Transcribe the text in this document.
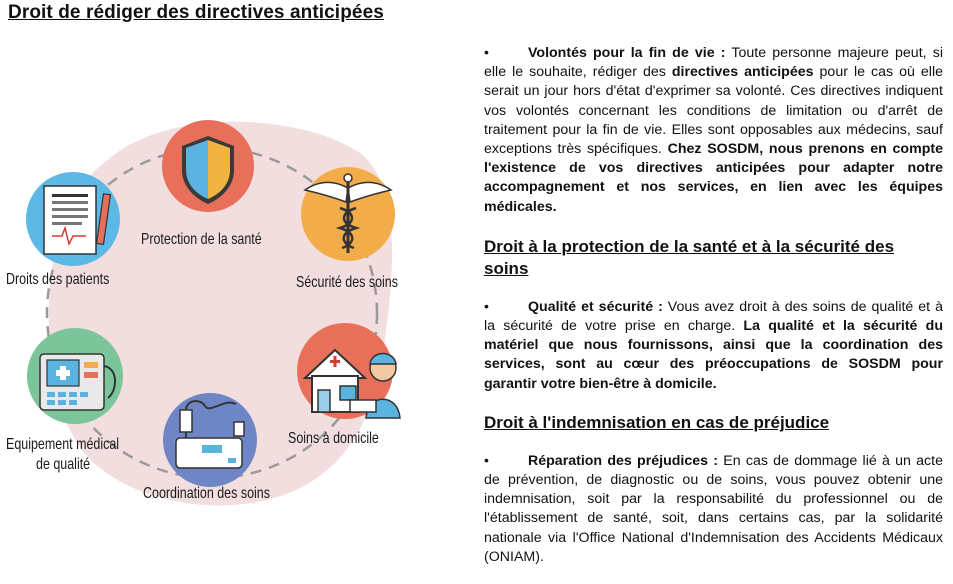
Droit de rédiger des directives anticipées
Protection de la santé
Droits des patients	Sécurité des soins
Equipement médical
de qualité
Soins à domicile
Coordination des soins

•	Volontés pour la fin de vie : Toute personne majeure peut, si elle le souhaite, rédiger des directives anticipées pour le cas où elle serait un jour hors d'état d'exprimer sa volonté. Ces directives indiquent vos volontés concernant les conditions de limitation ou d'arrêt de traitement pour la fin de vie. Elles sont opposables aux médecins, sauf exceptions très spécifiques. Chez SOSDM, nous prenons en compte l'existence de vos directives anticipées pour adapter notre accompagnement et nos services, en lien avec les équipes médicales.

Droit à la protection de la santé et à la sécurité des soins

•	Qualité et sécurité : Vous avez droit à des soins de qualité et à la sécurité de votre prise en charge. La qualité et la sécurité du matériel que nous fournissons, ainsi que la coordination des services, sont au cœur des préoccupations de SOSDM pour garantir votre bien-être à domicile.

Droit à l'indemnisation en cas de préjudice

•	Réparation des préjudices : En cas de dommage lié à un acte de prévention, de diagnostic ou de soins, vous pouvez obtenir une indemnisation, soit par la responsabilité du professionnel ou de l'établissement de santé, soit, dans certains cas, par la solidarité nationale via l'Office National d'Indemnisation des Accidents Médicaux (ONIAM).
